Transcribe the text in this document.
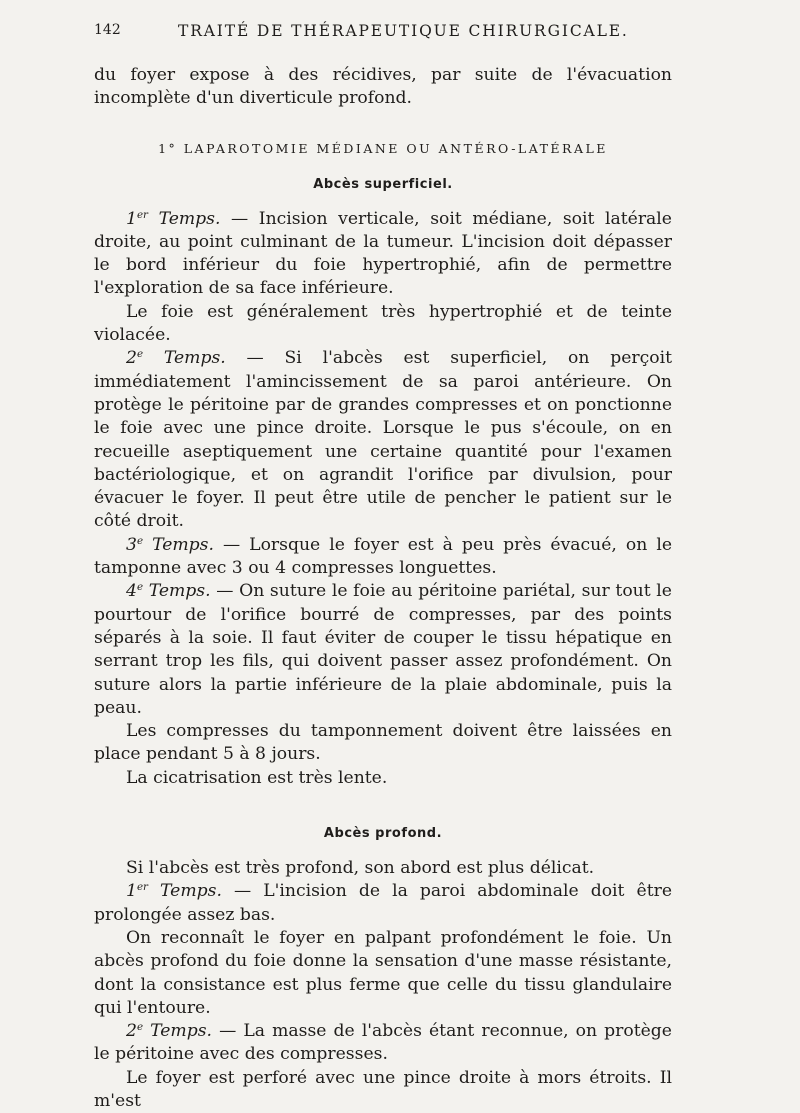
142	TRAITÉ DE THÉRAPEUTIQUE CHIRURGICALE.

du foyer expose à des récidives, par suite de l'évacuation incomplète d'un diverticule profond.

1° LAPAROTOMIE MÉDIANE OU ANTÉRO-LATÉRALE
Abcès superficiel.

1er Temps. — Incision verticale, soit médiane, soit latérale droite, au point culminant de la tumeur. L'incision doit dépasser le bord inférieur du foie hypertrophié, afin de permettre l'exploration de sa face inférieure.

Le foie est généralement très hypertrophié et de teinte violacée.

2e Temps. — Si l'abcès est superficiel, on perçoit immédiatement l'amincissement de sa paroi antérieure. On protège le péritoine par de grandes compresses et on ponctionne le foie avec une pince droite. Lorsque le pus s'écoule, on en recueille aseptiquement une certaine quantité pour l'examen bactériologique, et on agrandit l'orifice par divulsion, pour évacuer le foyer. Il peut être utile de pencher le patient sur le côté droit.

3e Temps. — Lorsque le foyer est à peu près évacué, on le tamponne avec 3 ou 4 compresses longuettes.

4e Temps. — On suture le foie au péritoine pariétal, sur tout le pourtour de l'orifice bourré de compresses, par des points séparés à la soie. Il faut éviter de couper le tissu hépatique en serrant trop les fils, qui doivent passer assez profondément. On suture alors la partie inférieure de la plaie abdominale, puis la peau.

Les compresses du tamponnement doivent être laissées en place pendant 5 à 8 jours.

La cicatrisation est très lente.

Abcès profond.

Si l'abcès est très profond, son abord est plus délicat.

1er Temps. — L'incision de la paroi abdominale doit être prolongée assez bas.

On reconnaît le foyer en palpant profondément le foie. Un abcès profond du foie donne la sensation d'une masse résistante, dont la consistance est plus ferme que celle du tissu glandulaire qui l'entoure.

2e Temps. — La masse de l'abcès étant reconnue, on protège le péritoine avec des compresses.

Le foyer est perforé avec une pince droite à mors étroits. Il m'est
